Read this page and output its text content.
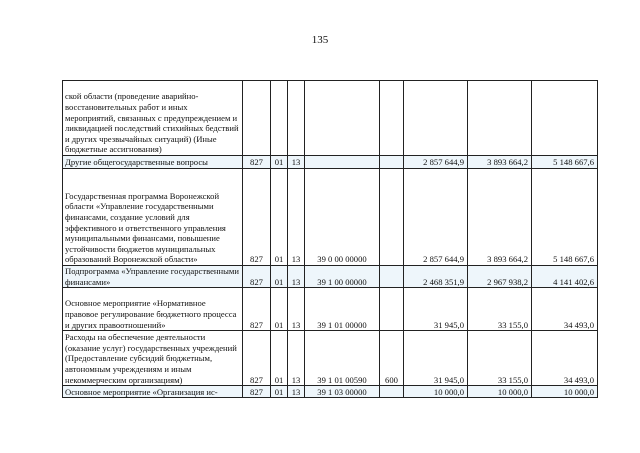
135
ской области (проведение аварийно-восстановительных работ и иных мероприятий, связанных с предупреждением и ликвидацией последствий стихийных бедствий и других чрезвычайных ситуаций) (Иные бюджетные ассигнования)								
Другие общегосударственные вопросы	827	01	13			2 857 644,9	3 893 664,2	5 148 667,6
Государственная программа Воронежской области «Управление государственными финансами, создание условий для эффективного и ответственного управления муниципальными финансами, повышение устойчивости бюджетов муниципальных образований Воронежской области»	827	01	13	39 0 00 00000		2 857 644,9	3 893 664,2	5 148 667,6
Подпрограмма «Управление государственными финансами»	827	01	13	39 1 00 00000		2 468 351,9	2 967 938,2	4 141 402,6
Основное мероприятие «Нормативное правовое регулирование бюджетного процесса и других правоотношений»	827	01	13	39 1 01 00000		31 945,0	33 155,0	34 493,0
Расходы на обеспечение деятельности (оказание услуг) государственных учреждений (Предоставление субсидий бюджетным, автономным учреждениям и иным некоммерческим организациям)	827	01	13	39 1 01 00590	600	31 945,0	33 155,0	34 493,0
Основное мероприятие «Организация ис-	827	01	13	39 1 03 00000		10 000,0	10 000,0	10 000,0
